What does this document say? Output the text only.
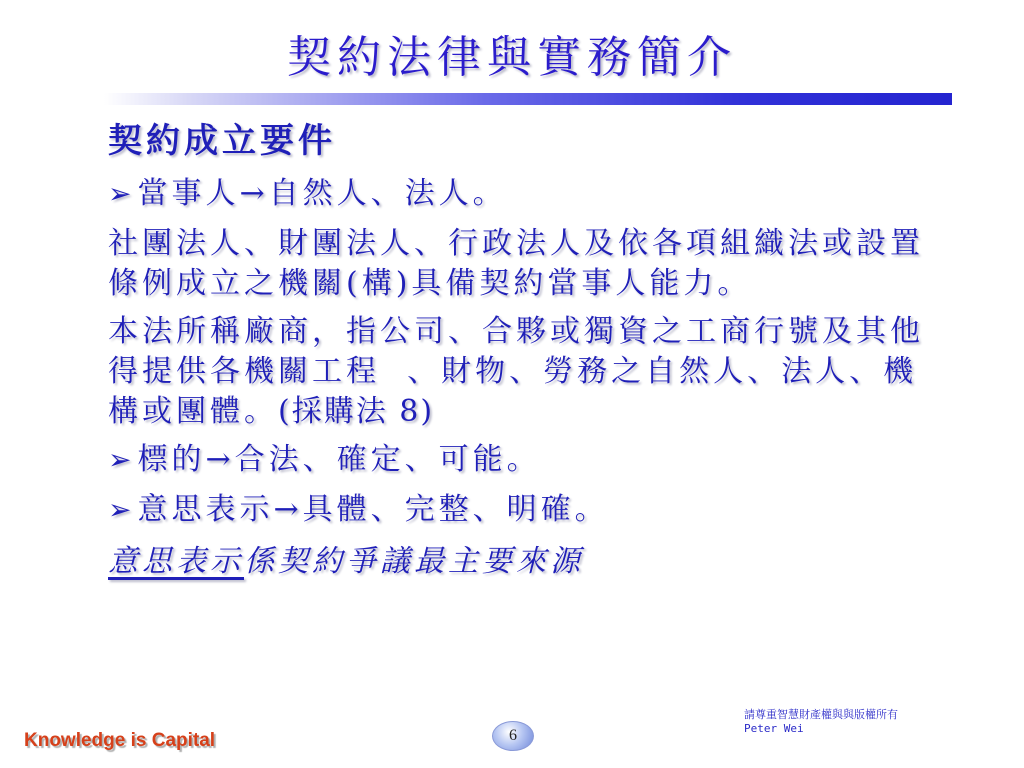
契約法律與實務簡介
契約成立要件
➢當事人→自然人、法人。
社團法人、財團法人、行政法人及依各項組織法或設置條例成立之機關(構)具備契約當事人能力。
本法所稱廠商，指公司、合夥或獨資之工商行號及其他得提供各機關工程  、財物、勞務之自然人、法人、機構或團體。(採購法 8)
➢標的→合法、確定、可能。
➢意思表示→具體、完整、明確。
意思表示係契約爭議最主要來源
Knowledge is Capital	6
請尊重智慧財產權與與版權所有
Peter Wei
